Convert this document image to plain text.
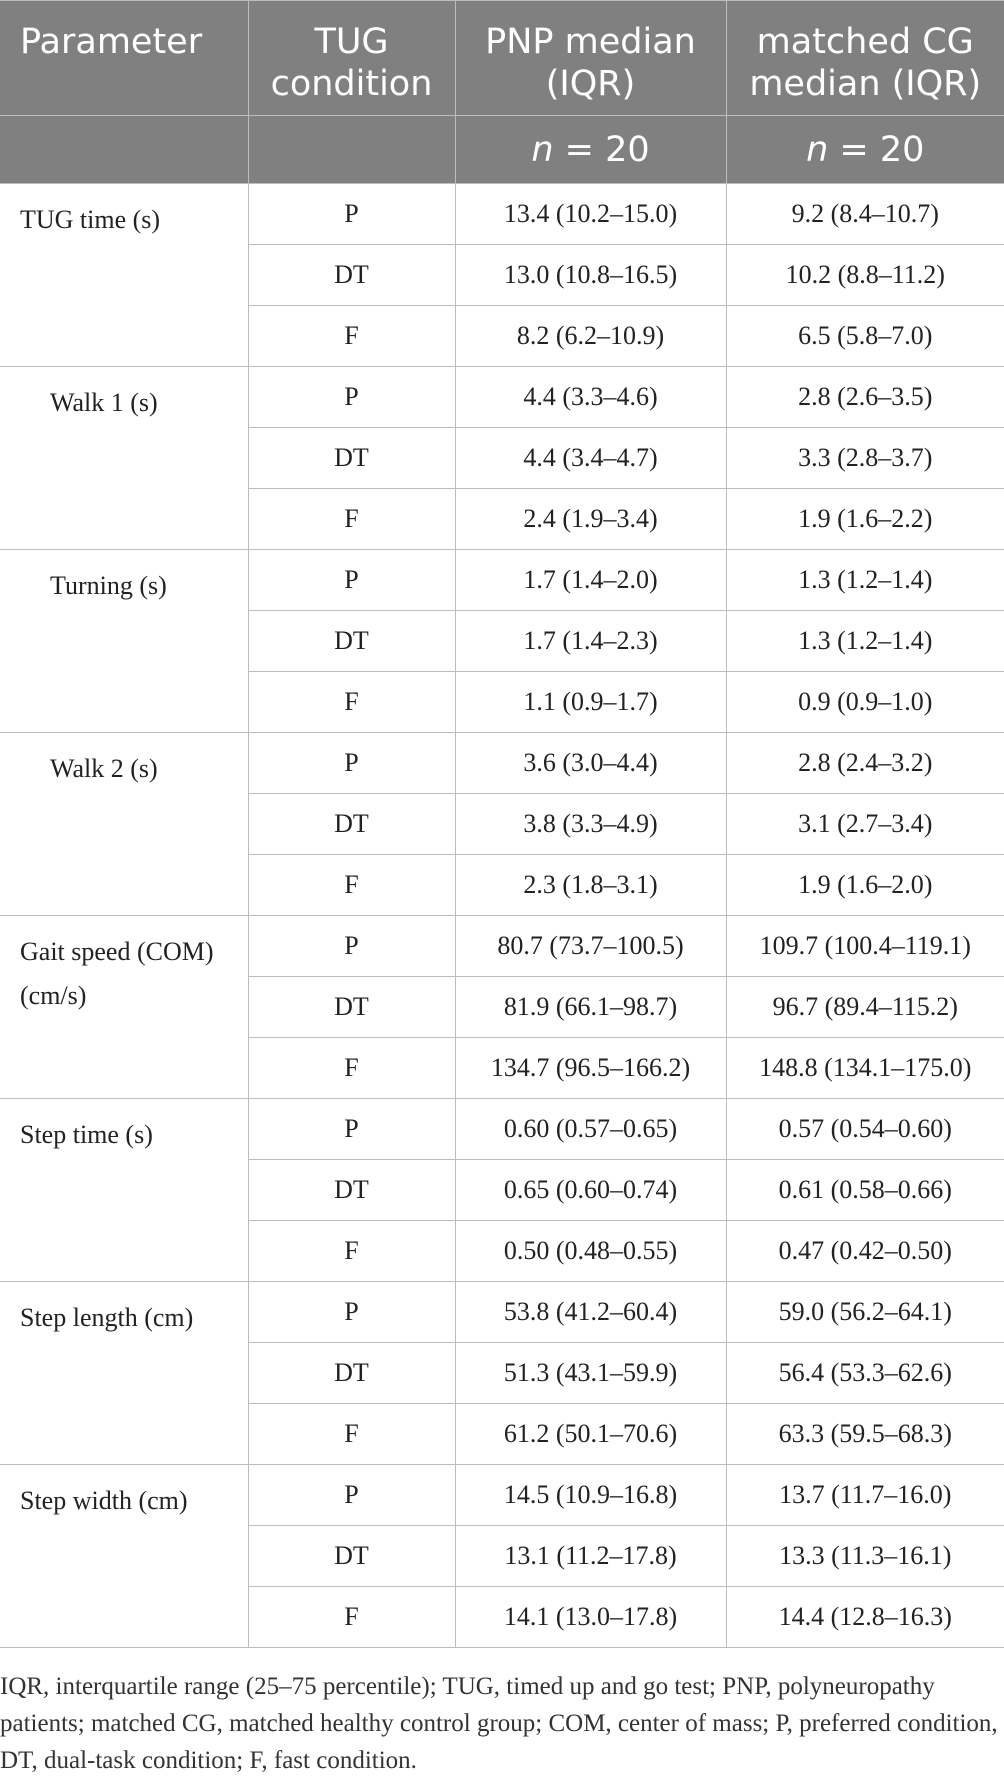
Parameter	TUG condition	PNP median (IQR)	matched CG median (IQR)
		n = 20	n = 20
TUG time (s)	P	13.4 (10.2–15.0)	9.2 (8.4–10.7)
	DT	13.0 (10.8–16.5)	10.2 (8.8–11.2)
	F	8.2 (6.2–10.9)	6.5 (5.8–7.0)
Walk 1 (s)	P	4.4 (3.3–4.6)	2.8 (2.6–3.5)
	DT	4.4 (3.4–4.7)	3.3 (2.8–3.7)
	F	2.4 (1.9–3.4)	1.9 (1.6–2.2)
Turning (s)	P	1.7 (1.4–2.0)	1.3 (1.2–1.4)
	DT	1.7 (1.4–2.3)	1.3 (1.2–1.4)
	F	1.1 (0.9–1.7)	0.9 (0.9–1.0)
Walk 2 (s)	P	3.6 (3.0–4.4)	2.8 (2.4–3.2)
	DT	3.8 (3.3–4.9)	3.1 (2.7–3.4)
	F	2.3 (1.8–3.1)	1.9 (1.6–2.0)
Gait speed (COM) (cm/s)	P	80.7 (73.7–100.5)	109.7 (100.4–119.1)
	DT	81.9 (66.1–98.7)	96.7 (89.4–115.2)
	F	134.7 (96.5–166.2)	148.8 (134.1–175.0)
Step time (s)	P	0.60 (0.57–0.65)	0.57 (0.54–0.60)
	DT	0.65 (0.60–0.74)	0.61 (0.58–0.66)
	F	0.50 (0.48–0.55)	0.47 (0.42–0.50)
Step length (cm)	P	53.8 (41.2–60.4)	59.0 (56.2–64.1)
	DT	51.3 (43.1–59.9)	56.4 (53.3–62.6)
	F	61.2 (50.1–70.6)	63.3 (59.5–68.3)
Step width (cm)	P	14.5 (10.9–16.8)	13.7 (11.7–16.0)
	DT	13.1 (11.2–17.8)	13.3 (11.3–16.1)
	F	14.1 (13.0–17.8)	14.4 (12.8–16.3)
IQR, interquartile range (25–75 percentile); TUG, timed up and go test; PNP, polyneuropathy patients; matched CG, matched healthy control group; COM, center of mass; P, preferred condition, DT, dual-task condition; F, fast condition.
